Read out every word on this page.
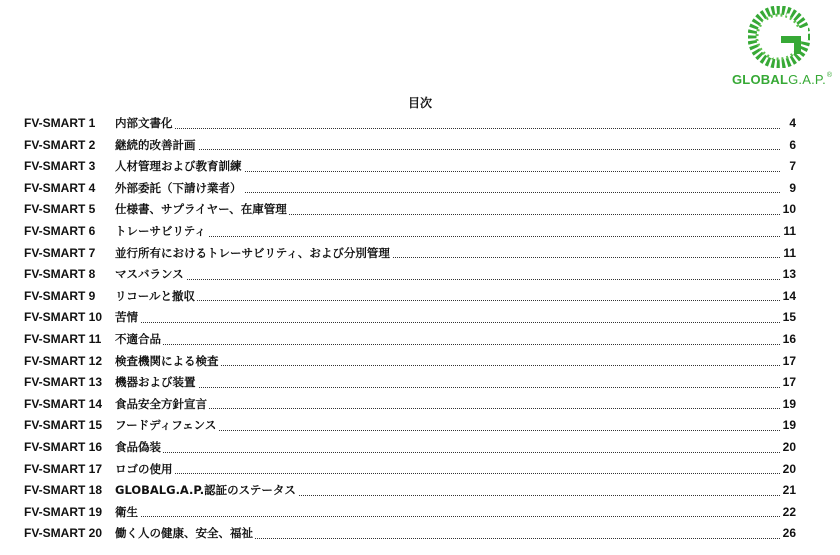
GLOBALG.A.P.®
目次
FV-SMART 1 内部文書化	4
FV-SMART 2 継続的改善計画	6
FV-SMART 3 人材管理および教育訓練	7
FV-SMART 4 外部委託（下請け業者）	9
FV-SMART 5 仕様書、サプライヤー、在庫管理	10
FV-SMART 6 トレーサビリティ	11
FV-SMART 7 並行所有におけるトレーサビリティ、および分別管理	11
FV-SMART 8 マスバランス	13
FV-SMART 9 リコールと撤収	14
FV-SMART 10 苦情	15
FV-SMART 11 不適合品	16
FV-SMART 12 検査機関による検査	17
FV-SMART 13 機器および装置	17
FV-SMART 14 食品安全方針宣言	19
FV-SMART 15 フードディフェンス	19
FV-SMART 16 食品偽装	20
FV-SMART 17 ロゴの使用	20
FV-SMART 18 GLOBALG.A.P.認証のステータス	21
FV-SMART 19 衛生	22
FV-SMART 20 働く人の健康、安全、福祉	26
